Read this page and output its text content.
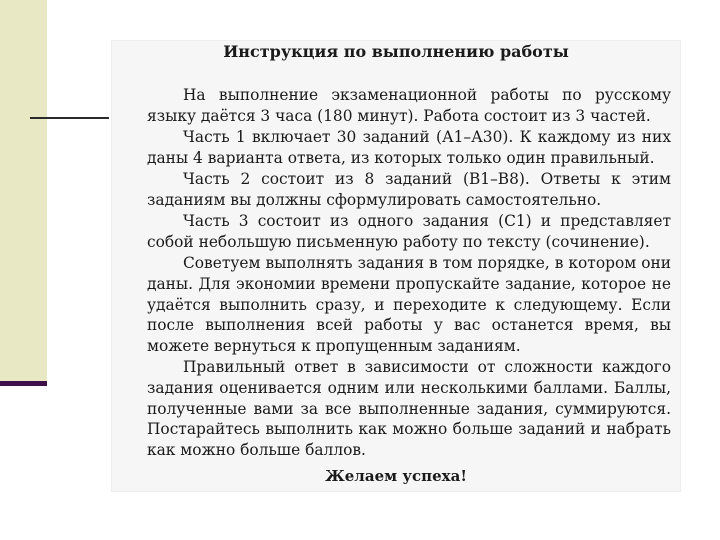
Инструкция по выполнению работы

На выполнение экзаменационной работы по русскому языку даётся 3 часа (180 минут). Работа состоит из 3 частей.

Часть 1 включает 30 заданий (А1–А30). К каждому из них даны 4 варианта ответа, из которых только один правильный.

Часть 2 состоит из 8 заданий (В1–В8). Ответы к этим заданиям вы должны сформулировать самостоятельно.

Часть 3 состоит из одного задания (С1) и представляет собой небольшую письменную работу по тексту (сочинение).

Советуем выполнять задания в том порядке, в котором они даны. Для экономии времени пропускайте задание, которое не удаётся выполнить сразу, и переходите к следующему. Если после выполнения всей работы у вас останется время, вы можете вернуться к пропущенным заданиям.

Правильный ответ в зависимости от сложности каждого задания оценивается одним или несколькими баллами. Баллы, полученные вами за все выполненные задания, суммируются. Постарайтесь выполнить как можно больше заданий и набрать как можно больше баллов.

Желаем успеха!
